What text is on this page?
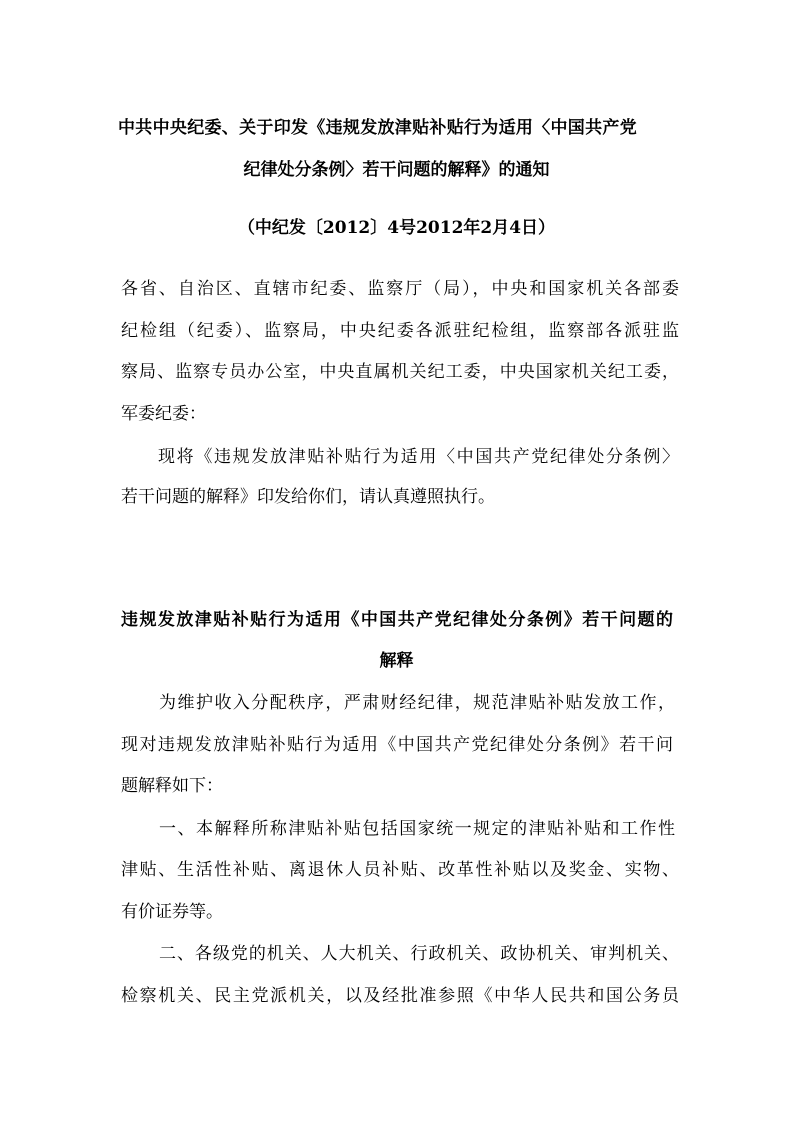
中共中央纪委、关于印发《违规发放津贴补贴行为适用〈中国共产党
纪律处分条例〉若干问题的解释》的通知
（中纪发〔2012〕4号2012年2月4日）
各省、自治区、直辖市纪委、监察厅（局），中央和国家机关各部委
纪检组（纪委）、监察局，中央纪委各派驻纪检组，监察部各派驻监
察局、监察专员办公室，中央直属机关纪工委，中央国家机关纪工委，
军委纪委：
现将《违规发放津贴补贴行为适用〈中国共产党纪律处分条例〉
若干问题的解释》印发给你们，请认真遵照执行。
违规发放津贴补贴行为适用《中国共产党纪律处分条例》若干问题的
解释
为维护收入分配秩序，严肃财经纪律，规范津贴补贴发放工作，
现对违规发放津贴补贴行为适用《中国共产党纪律处分条例》若干问
题解释如下：
一、本解释所称津贴补贴包括国家统一规定的津贴补贴和工作性
津贴、生活性补贴、离退休人员补贴、改革性补贴以及奖金、实物、
有价证券等。
二、各级党的机关、人大机关、行政机关、政协机关、审判机关、
检察机关、民主党派机关，以及经批准参照《中华人民共和国公务员
